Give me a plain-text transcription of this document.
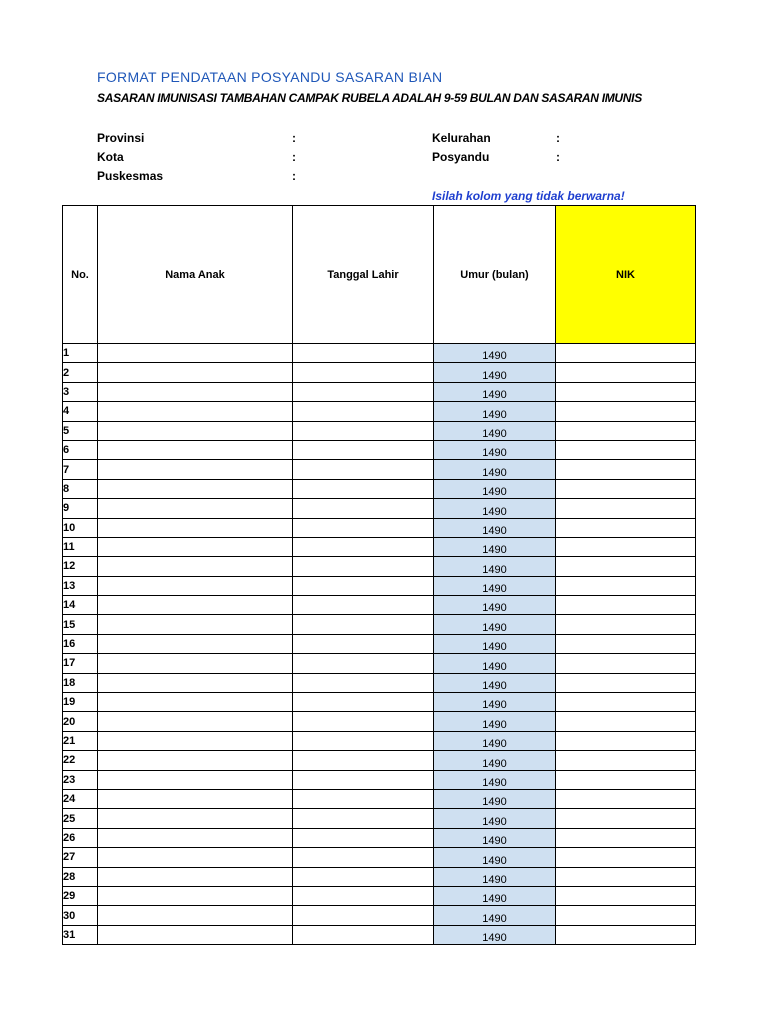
FORMAT PENDATAAN POSYANDU SASARAN BIAN
SASARAN IMUNISASI TAMBAHAN CAMPAK RUBELA ADALAH 9-59 BULAN DAN SASARAN IMUNIS
Provinsi	:
Kota	:
Puskesmas	:
Kelurahan	:
Posyandu	:
Isilah kolom yang tidak berwarna!
No.	Nama Anak	Tanggal Lahir	Umur (bulan)	NIK
1			1490	
2			1490	
3			1490	
4			1490	
5			1490	
6			1490	
7			1490	
8			1490	
9			1490	
10			1490	
11			1490	
12			1490	
13			1490	
14			1490	
15			1490	
16			1490	
17			1490	
18			1490	
19			1490	
20			1490	
21			1490	
22			1490	
23			1490	
24			1490	
25			1490	
26			1490	
27			1490	
28			1490	
29			1490	
30			1490	
31			1490	
